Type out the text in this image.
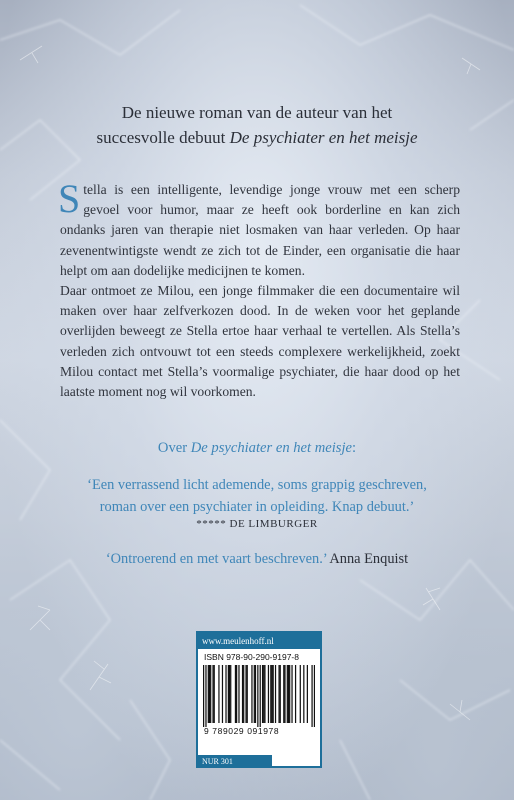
De nieuwe roman van de auteur van het
succesvolle debuut De psychiater en het meisje

Stella is een intelligente, levendige jonge vrouw met een scherp gevoel voor humor, maar ze heeft ook borderline en kan zich ondanks jaren van therapie niet losmaken van haar verleden. Op haar zevenentwintigste wendt ze zich tot de Einder, een organisatie die haar helpt om aan dodelijke medicijnen te komen.

Daar ontmoet ze Milou, een jonge filmmaker die een documentaire wil maken over haar zelfverkozen dood. In de weken voor het geplande overlijden beweegt ze Stella ertoe haar verhaal te vertellen. Als Stella’s verleden zich ontvouwt tot een steeds complexere werkelijkheid, zoekt Milou contact met Stella’s voormalige psychiater, die haar dood op het laatste moment nog wil voorkomen.

Over De psychiater en het meisje:
‘Een verrassend licht ademende, soms grappig geschreven,
roman over een psychiater in opleiding. Knap debuut.’
***** DE LIMBURGER
‘Ontroerend en met vaart beschreven.’ Anna Enquist
www.meulenhoff.nl
ISBN 978-90-290-9197-8
9 789029 091978
NUR 301
